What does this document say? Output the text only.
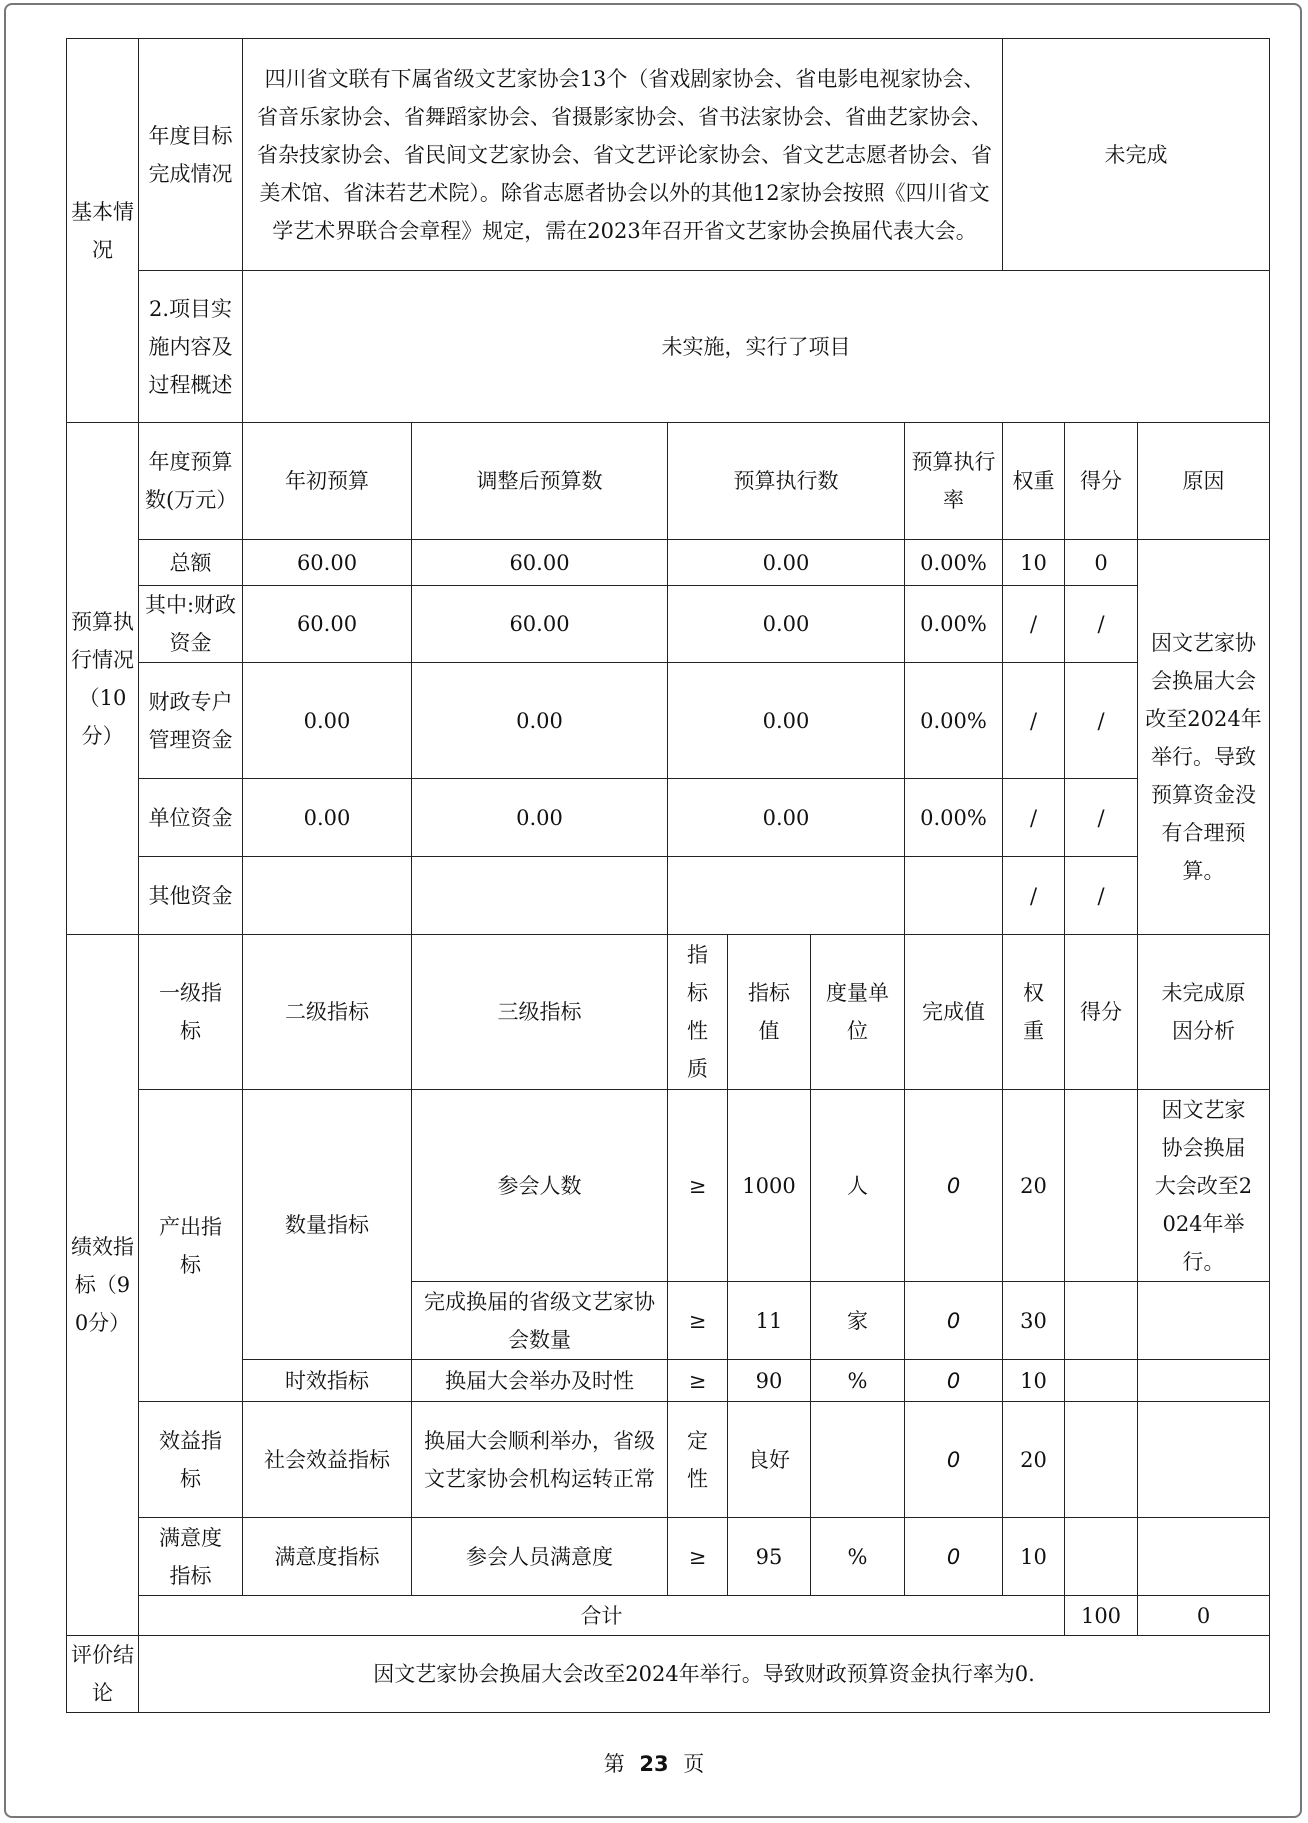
基本情况	年度目标完成情况	四川省文联有下属省级文艺家协会13个（省戏剧家协会、省电影电视家协会、省音乐家协会、省舞蹈家协会、省摄影家协会、省书法家协会、省曲艺家协会、省杂技家协会、省民间文艺家协会、省文艺评论家协会、省文艺志愿者协会、省美术馆、省沫若艺术院）。除省志愿者协会以外的其他12家协会按照《四川省文学艺术界联合会章程》规定，需在2023年召开省文艺家协会换届代表大会。						未完成			
	2.项目实施内容及过程概述	未实施，实行了项目									
预算执行情况（10分）	年度预算数(万元）	年初预算	调整后预算数	预算执行数			预算执行率	权重	得分	原因	
	总额	60.00	60.00	0.00			0.00%	10	0	因文艺家协会换届大会改至2024年举行。导致预算资金没有合理预算。	
	其中:财政资金	60.00	60.00	0.00			0.00%	/	/		
	财政专户管理资金	0.00	0.00	0.00			0.00%	/	/		
	单位资金	0.00	0.00	0.00			0.00%	/	/		
	其他资金							/	/		
绩效指标（90分）	一级指标	二级指标	三级指标	指标性质	指标值	度量单位	完成值	权重	得分	未完成原因分析	
	产出指标	数量指标	参会人数	≥	1000	人	0	20		因文艺家协会换届大会改至2024年举行。	
			完成换届的省级文艺家协会数量	≥	11	家	0	30			
		时效指标	换届大会举办及时性	≥	90	%	0	10			
	效益指标	社会效益指标	换届大会顺利举办，省级文艺家协会机构运转正常	定性	良好		0	20			
	满意度指标	满意度指标	参会人员满意度	≥	95	%	0	10			
	合计								100	0	
评价结论	因文艺家协会换届大会改至2024年举行。导致财政预算资金执行率为0.										
第 23 页
